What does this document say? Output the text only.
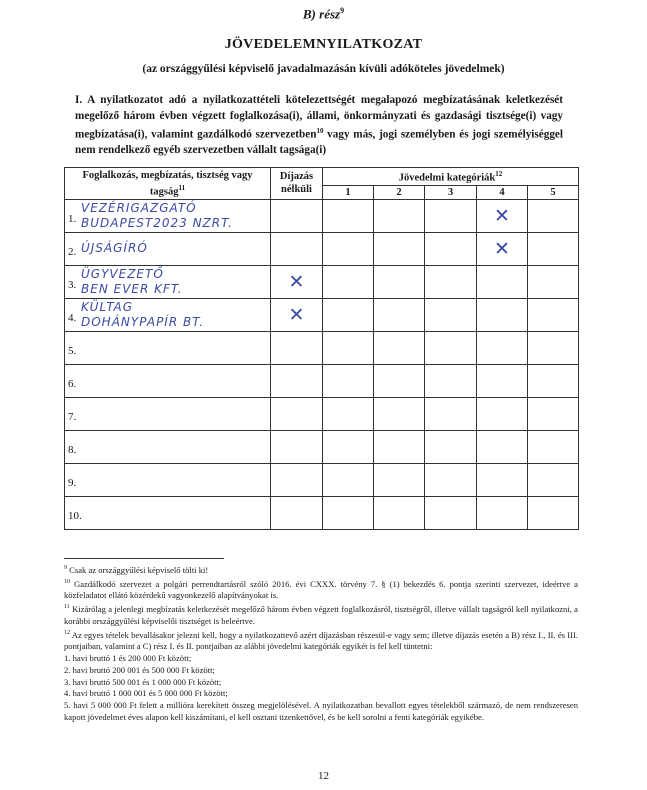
B) rész$^9$
JÖVEDELEMNYILATKOZAT
(az országgyűlési képviselő javadalmazásán kívüli adóköteles jövedelmek)
I. A nyilatkozatot adó a nyilatkozattételi kötelezettségét megalapozó megbízatásának keletkezését megelőző három évben végzett foglalkozása(i), állami, önkormányzati és gazdasági tisztsége(i) vagy megbízatása(i), valamint gazdálkodó szervezetben$^{10}$ vagy más, jogi személyben és jogi személyiséggel nem rendelkező egyéb szervezetben vállalt tagsága(i)
Foglalkozás, megbízatás, tisztség vagy tagság$^{11}$	Díjazás nélküli	Jövedelmi kategóriák$^{12}$
		1	2	3	4	5

1.
VEZÉRIGAZGATÓ
BUDAPEST2023 NZRT.					✕	

2. ÚJSÁGÍRÓ					✕	

3.
ÜGYVEZETŐ
BEN EVER KFT.	✕					

4.
KÜLTAG
DOHÁNYPAPÍR BT.	✕					

5.						

6.						

7.						

8.						

9.						

10.						

$^9$ Csak az országgyűlési képviselő tölti ki!

$^{10}$ Gazdálkodó szervezet a polgári perrendtartásról szóló 2016. évi CXXX. törvény 7. § (1) bekezdés 6. pontja szerinti szervezet, ideértve a közfeladatot ellátó közérdekű vagyonkezelő alapítványokat is.

$^{11}$ Kizárólag a jelenlegi megbízatás keletkezését megelőző három évben végzett foglalkozásról, tisztségről, illetve vállalt tagságról kell nyilatkozni, a korábbi országgyűlési képviselői tisztséget is beleértve.

$^{12}$ Az egyes tételek bevallásakor jelezni kell, hogy a nyilatkozattevő azért díjazásban részesül-e vagy sem; illetve díjazás esetén a B) rész I., II. és III. pontjaiban, valamint a C) rész I. és II. pontjaiban az alábbi jövedelmi kategóriák egyikét is fel kell tüntetni:

1. havi bruttó 1 és 200 000 Ft között;

2. havi bruttó 200 001 és 500 000 Ft között;

3. havi bruttó 500 001 és 1 000 000 Ft között;

4. havi bruttó 1 000 001 és 5 000 000 Ft között;

5. havi 5 000 000 Ft felett a millióra kerekített összeg megjelölésével. A nyilatkozatban bevallott egyes tételekből származó, de nem rendszeresen kapott jövedelmet éves alapon kell kiszámítani, el kell osztani tizenkettővel, és be kell sorolni a fenti kategóriák egyikébe.

12
